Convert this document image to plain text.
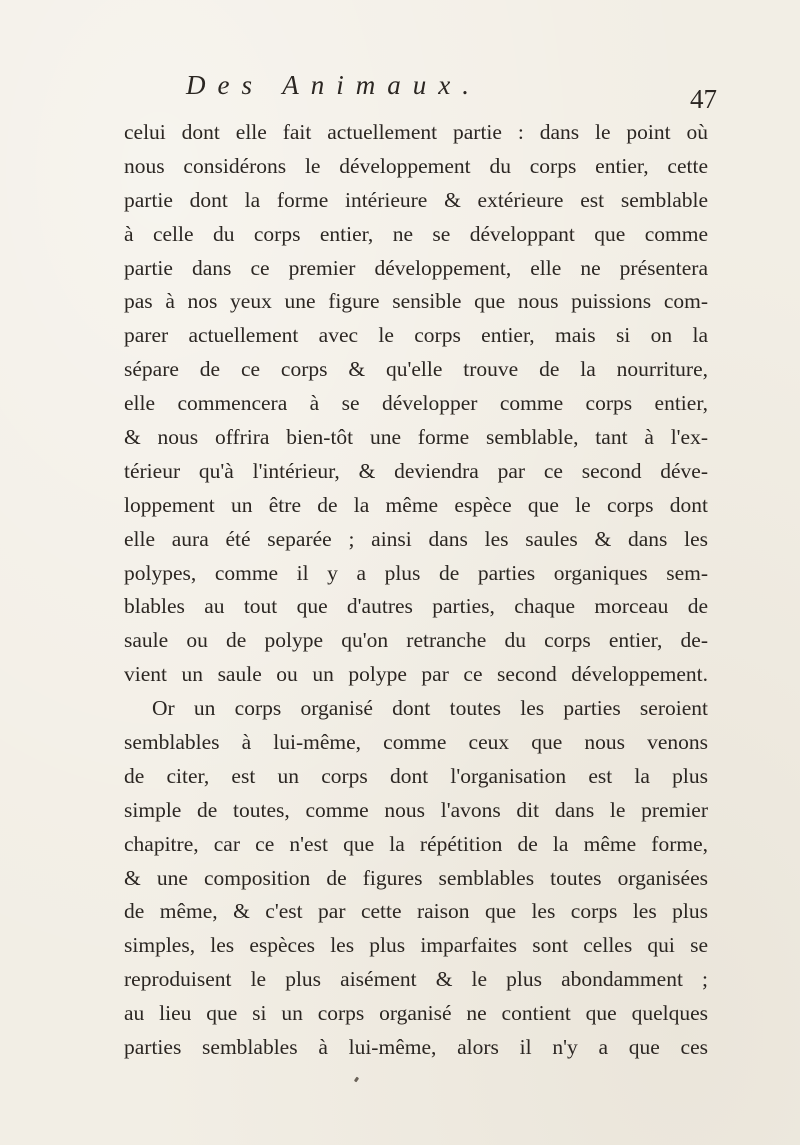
Des Animaux.	47
celui dont elle fait actuellement partie : dans le point où
nous considérons le développement du corps entier, cette
partie dont la forme intérieure & extérieure est semblable
à celle du corps entier, ne se développant que comme
partie dans ce premier développement, elle ne présentera
pas à nos yeux une figure sensible que nous puissions com-
parer actuellement avec le corps entier, mais si on la
sépare de ce corps & qu'elle trouve de la nourriture,
elle commencera à se développer comme corps entier,
& nous offrira bien-tôt une forme semblable, tant à l'ex-
térieur qu'à l'intérieur, & deviendra par ce second déve-
loppement un être de la même espèce que le corps dont
elle aura été separée ; ainsi dans les saules & dans les
polypes, comme il y a plus de parties organiques sem-
blables au tout que d'autres parties, chaque morceau de
saule ou de polype qu'on retranche du corps entier, de-
vient un saule ou un polype par ce second développement.
Or un corps organisé dont toutes les parties seroient
semblables à lui-même, comme ceux que nous venons
de citer, est un corps dont l'organisation est la plus
simple de toutes, comme nous l'avons dit dans le premier
chapitre, car ce n'est que la répétition de la même forme,
& une composition de figures semblables toutes organisées
de même, & c'est par cette raison que les corps les plus
simples, les espèces les plus imparfaites sont celles qui se
reproduisent le plus aisément & le plus abondamment ;
au lieu que si un corps organisé ne contient que quelques
parties semblables à lui-même, alors il n'y a que ces
